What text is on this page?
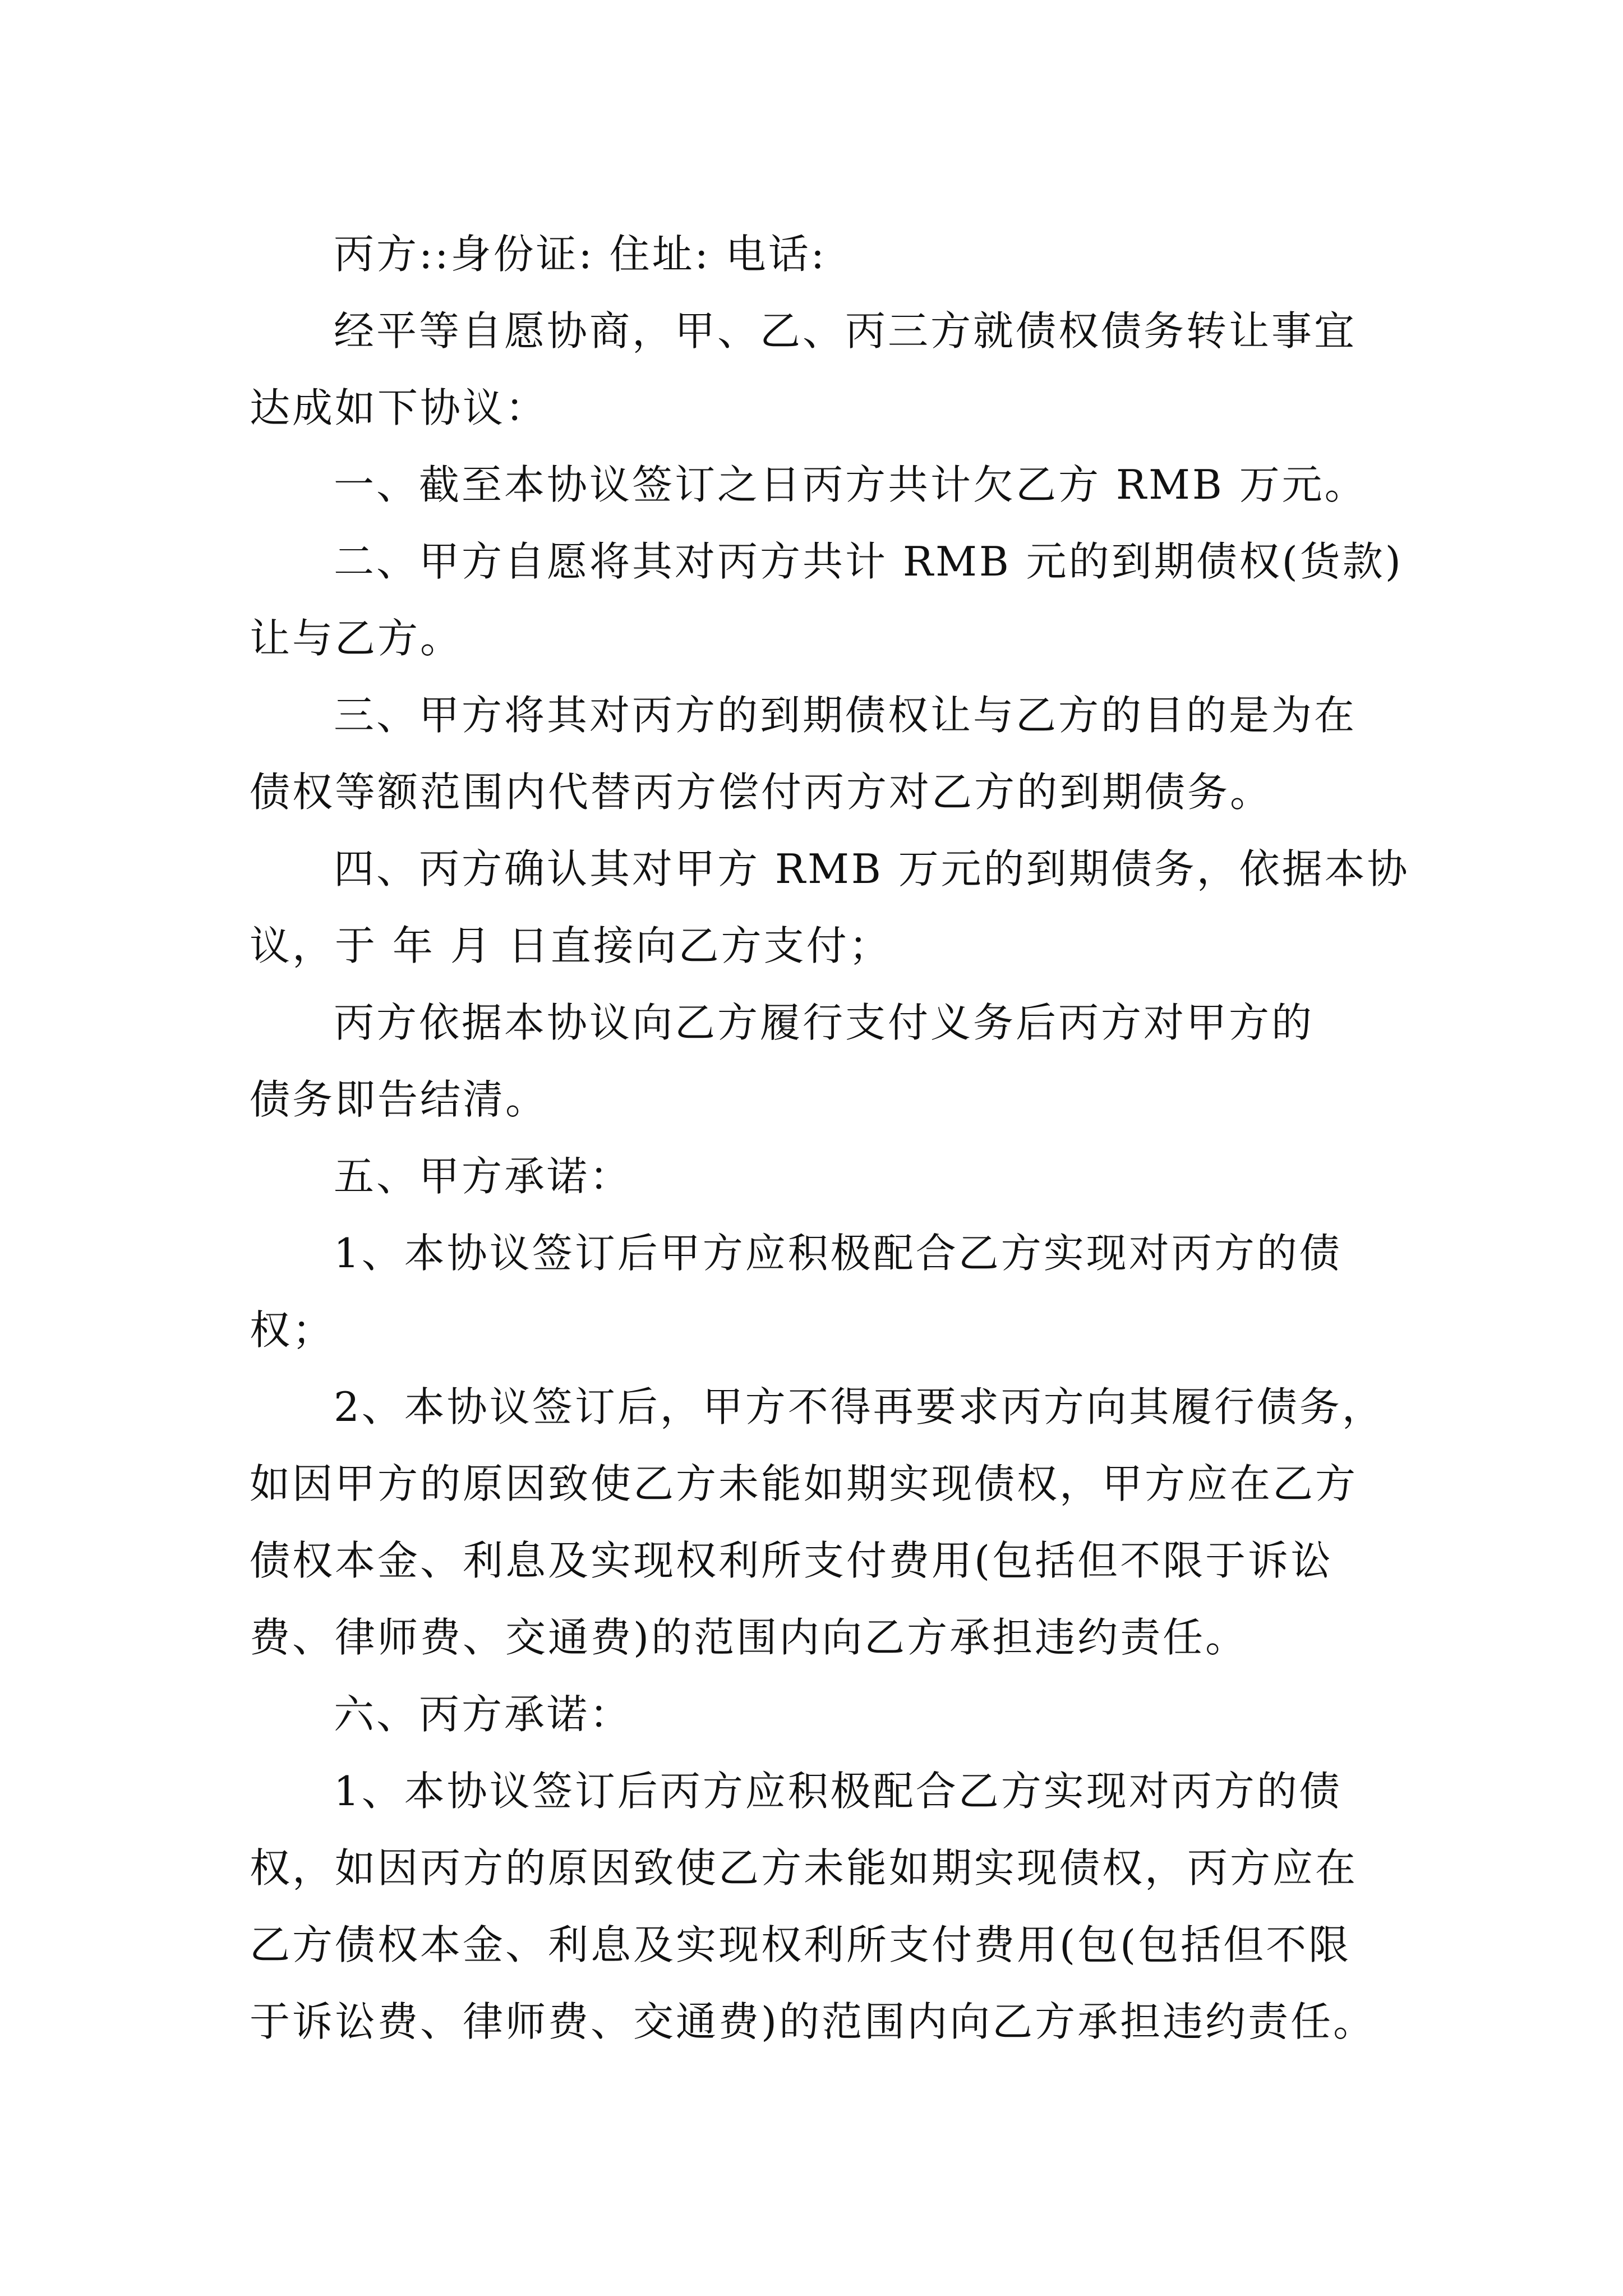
丙方::身份证: 住址: 电话:
经平等自愿协商，甲、乙、丙三方就债权债务转让事宜
达成如下协议：
一、截至本协议签订之日丙方共计欠乙方 RMB 万元。
二、甲方自愿将其对丙方共计 RMB 元的到期债权(货款)
让与乙方。
三、甲方将其对丙方的到期债权让与乙方的目的是为在
债权等额范围内代替丙方偿付丙方对乙方的到期债务。
四、丙方确认其对甲方 RMB 万元的到期债务，依据本协
议，于 年 月 日直接向乙方支付；
丙方依据本协议向乙方履行支付义务后丙方对甲方的
债务即告结清。
五、甲方承诺：
1、本协议签订后甲方应积极配合乙方实现对丙方的债
权；
2、本协议签订后，甲方不得再要求丙方向其履行债务，
如因甲方的原因致使乙方未能如期实现债权，甲方应在乙方
债权本金、利息及实现权利所支付费用(包括但不限于诉讼
费、律师费、交通费)的范围内向乙方承担违约责任。
六、丙方承诺：
1、本协议签订后丙方应积极配合乙方实现对丙方的债
权，如因丙方的原因致使乙方未能如期实现债权，丙方应在
乙方债权本金、利息及实现权利所支付费用(包(包括但不限
于诉讼费、律师费、交通费)的范围内向乙方承担违约责任。
